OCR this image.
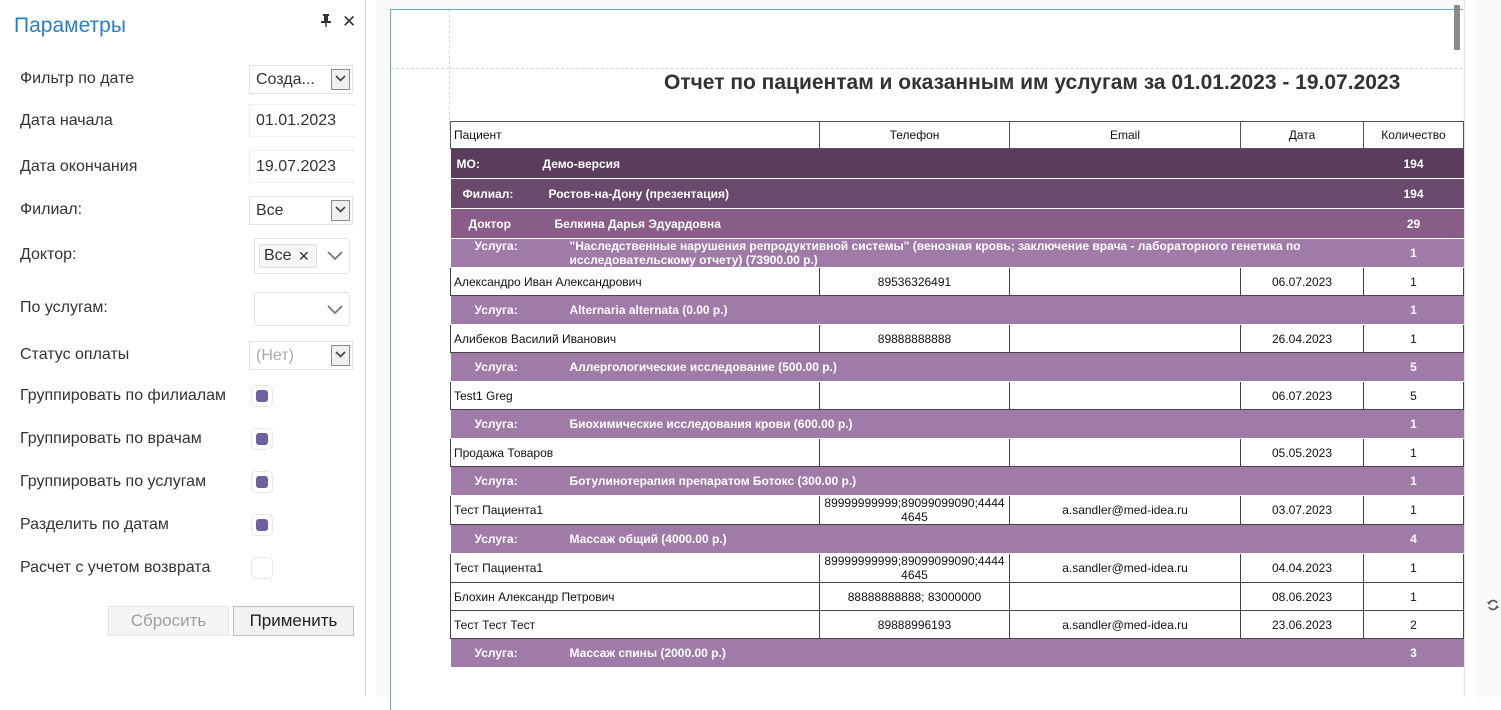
Параметры	✕
Фильтр по дате	Созда...
Дата начала	01.01.2023
Дата окончания	19.07.2023
Филиал:	Все
Доктор:	Все ✕
По услугам:
Статус оплаты	(Нет)
Группировать по филиалам
Группировать по врачам
Группировать по услугам
Разделить по датам
Расчет с учетом возврата
Сбросить	Применить
Отчет по пациентам и оказанным им услугам за 01.01.2023 - 19.07.2023
Пациент	Телефон	Email	Дата	Количество
МО: Демо-версия				194
Филиал: Ростов-на-Дону (презентация)				194
Доктор Белкина Дарья Эдуардовна				29
Услуга: "Наследственные нарушения репродуктивной системы" (венозная кровь; заключение врача - лабораторного генетика по исследовательскому отчету) (73900.00 р.)				1
Александро Иван Александрович	89536326491		06.07.2023	1
Услуга: Alternaria alternata (0.00 р.)				1
Алибеков Василий Иванович	89888888888		26.04.2023	1
Услуга: Аллергологические исследование (500.00 р.)				5
Test1 Greg			06.07.2023	5
Услуга: Биохимические исследования крови (600.00 р.)				1
Продажа Товаров			05.05.2023	1
Услуга: Ботулинотерапия препаратом Ботокс (300.00 р.)				1
Тест Пациента1	89999999999;89099099090;44444645	a.sandler@med-idea.ru	03.07.2023	1
Услуга: Массаж общий (4000.00 р.)				4
Тест Пациента1	89999999999;89099099090;44444645	a.sandler@med-idea.ru	04.04.2023	1
Блохин Александр Петрович	88888888888; 83000000		08.06.2023	1
Тест Тест Тест	89888996193	a.sandler@med-idea.ru	23.06.2023	2
Услуга: Массаж спины (2000.00 р.)				3
